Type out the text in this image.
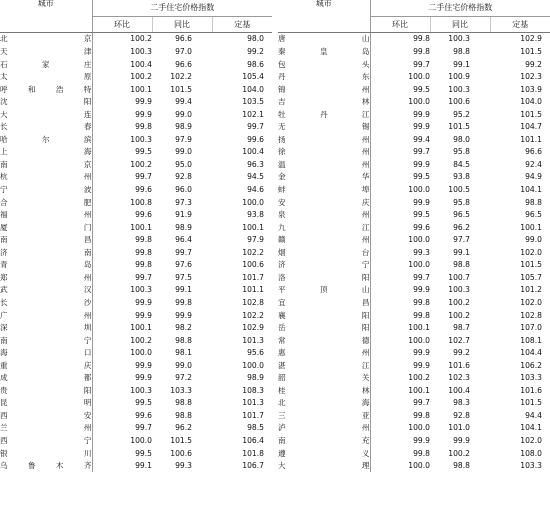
城市	二手住宅价格指数		
	环比	同比	定基
北京	100.2	96.6	98.0
天津	100.3	97.0	99.2
石家庄	100.4	96.6	98.6
太原	100.2	102.2	105.4
呼和浩特	100.1	101.5	104.0
沈阳	99.9	99.4	103.5
大连	99.9	99.0	102.1
长春	99.8	98.9	99.7
哈尔滨	100.3	97.9	99.6
上海	99.5	99.0	100.4
南京	100.2	95.0	96.3
杭州	99.7	92.8	94.5
宁波	99.6	96.0	94.6
合肥	100.8	97.3	100.0
福州	99.6	91.9	93.8
厦门	100.1	98.9	100.1
南昌	99.8	96.4	97.9
济南	99.8	99.7	102.2
青岛	99.8	97.6	100.6
郑州	99.7	97.5	101.7
武汉	100.3	99.1	101.1
长沙	99.9	99.8	102.8
广州	99.9	99.9	102.2
深圳	100.1	98.2	102.9
南宁	100.2	98.8	101.3
海口	100.0	98.1	95.6
重庆	99.9	99.0	100.0
成都	99.9	97.2	98.9
贵阳	100.3	103.3	108.3
昆明	99.5	98.8	101.3
西安	99.6	98.8	101.7
兰州	99.7	96.2	98.5
西宁	100.0	101.5	106.4
银川	99.5	100.6	101.8
乌鲁木齐	99.1	99.3	106.7
城市	二手住宅价格指数		
	环比	同比	定基
唐山	99.8	100.3	102.9
秦皇岛	99.8	98.8	101.5
包头	99.7	99.1	99.2
丹东	100.0	100.9	102.3
锦州	99.5	100.3	103.9
吉林	100.0	100.6	104.0
牡丹江	99.9	95.2	101.5
无锡	99.9	101.5	104.7
扬州	99.4	98.0	101.1
徐州	99.7	95.8	96.6
温州	99.9	84.5	92.4
金华	99.5	93.8	94.9
蚌埠	100.0	100.5	104.1
安庆	99.9	95.8	98.8
泉州	99.5	96.5	96.5
九江	99.6	96.2	100.1
赣州	100.0	97.7	99.0
烟台	99.3	99.1	102.0
济宁	100.0	98.8	101.5
洛阳	99.7	100.7	105.7
平顶山	99.9	100.3	101.2
宜昌	99.8	100.2	102.0
襄阳	99.8	100.2	102.8
岳阳	100.1	98.7	107.0
常德	100.0	102.7	108.1
惠州	99.9	99.2	104.4
湛江	99.9	101.6	106.2
韶关	100.2	102.3	103.3
桂林	100.1	100.4	101.6
北海	99.7	98.3	101.5
三亚	99.8	92.8	94.4
泸州	100.0	101.0	104.1
南充	99.9	99.9	102.0
遵义	99.8	100.2	108.0
大理	100.0	98.8	103.3
